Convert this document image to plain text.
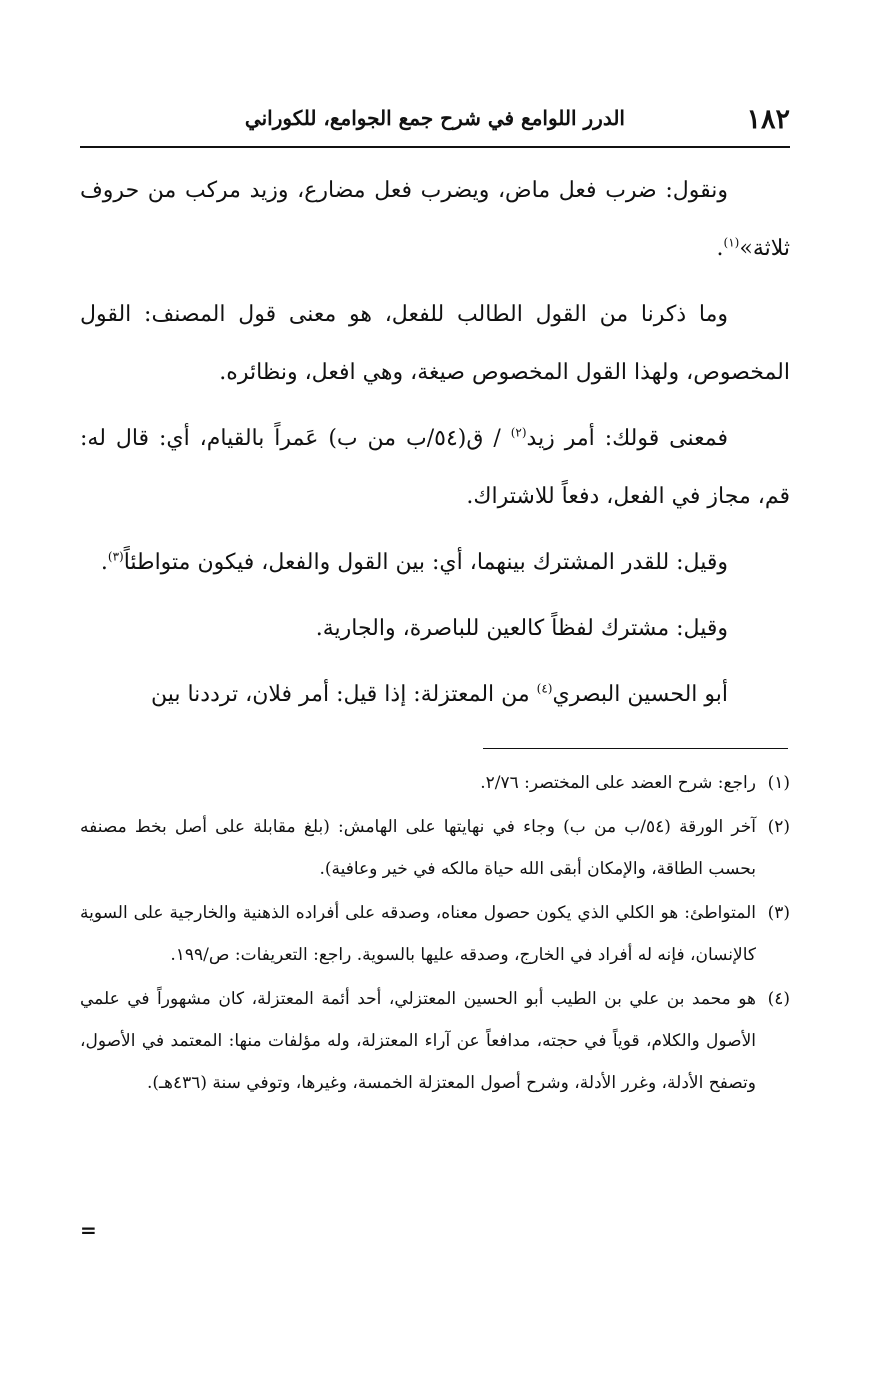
١٨٢
الدرر اللوامع في شرح جمع الجوامع، للكوراني

ونقول: ضرب فعل ماض، ويضرب فعل مضارع، وزيد مركب من حروف ثلاثة»$^{(١)}$.

وما ذكرنا من القول الطالب للفعل، هو معنى قول المصنف: القول المخصوص، ولهذا القول المخصوص صيغة، وهي افعل، ونظائره.

فمعنى قولك: أمر زيد$^{(٢)}$ / ق(٥٤/ب من ب) عَمراً بالقيام، أي: قال له: قم، مجاز في الفعل، دفعاً للاشتراك.

وقيل: للقدر المشترك بينهما، أي: بين القول والفعل، فيكون متواطئاً$^{(٣)}$.

وقيل: مشترك لفظاً كالعين للباصرة، والجارية.

أبو الحسين البصري$^{(٤)}$ من المعتزلة: إذا قيل: أمر فلان، ترددنا بين

(١)
راجع: شرح العضد على المختصر: ٢/٧٦.
(٢)
آخر الورقة (٥٤/ب من ب) وجاء في نهايتها على الهامش: (بلغ مقابلة على أصل بخط مصنفه بحسب الطاقة، والإمكان أبقى الله حياة مالكه في خير وعافية).
(٣)
المتواطئ: هو الكلي الذي يكون حصول معناه، وصدقه على أفراده الذهنية والخارجية على السوية كالإنسان، فإنه له أفراد في الخارج، وصدقه عليها بالسوية. راجع: التعريفات: ص/١٩٩.
(٤)
هو محمد بن علي بن الطيب أبو الحسين المعتزلي، أحد أئمة المعتزلة، كان مشهوراً في علمي الأصول والكلام، قوياً في حجته، مدافعاً عن آراء المعتزلة، وله مؤلفات منها: المعتمد في الأصول، وتصفح الأدلة، وغرر الأدلة، وشرح أصول المعتزلة الخمسة، وغيرها، وتوفي سنة (٤٣٦هـ).
=
